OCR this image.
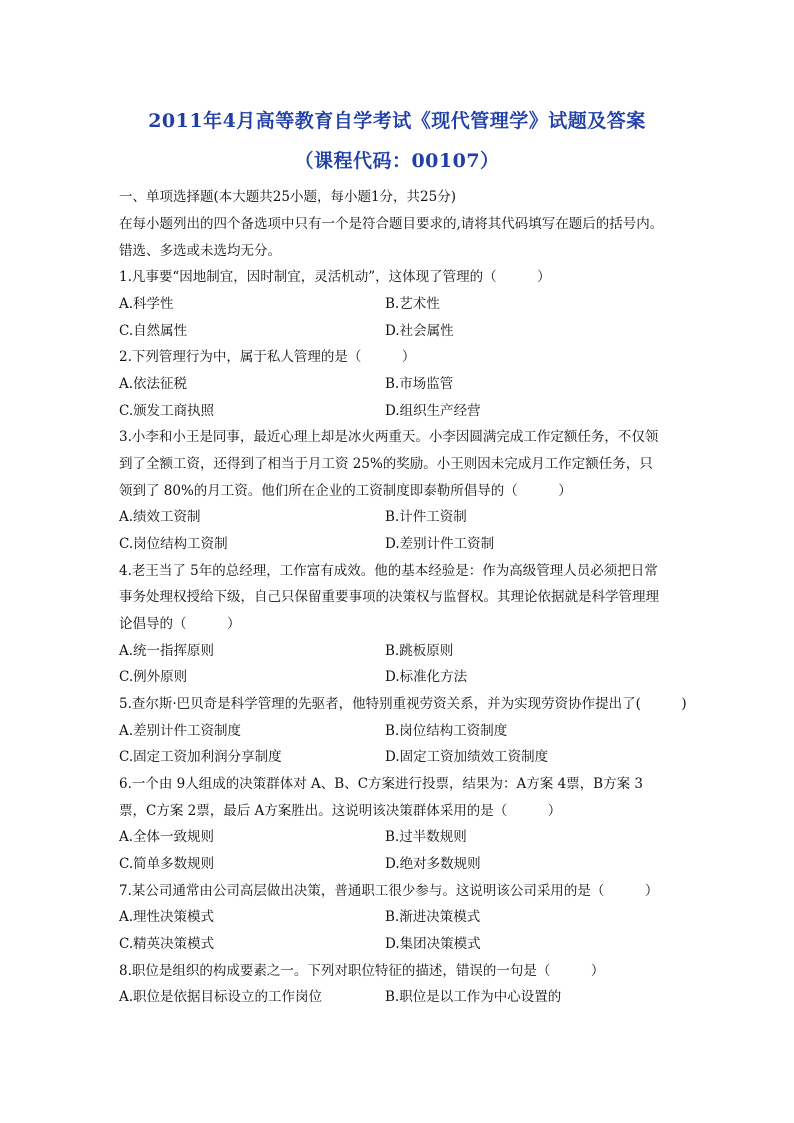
2011年4月高等教育自学考试《现代管理学》试题及答案
（课程代码：00107）
一、单项选择题(本大题共25小题，每小题1分，共25分)
在每小题列出的四个备选项中只有一个是符合题目要求的,请将其代码填写在题后的括号内。
错选、多选或未选均无分。
1.凡事要“因地制宜，因时制宜，灵活机动”，这体现了管理的（　　　）
A.科学性	B.艺术性
C.自然属性	D.社会属性
2.下列管理行为中，属于私人管理的是（　　　）
A.依法征税	B.市场监管
C.颁发工商执照	D.组织生产经营
3.小李和小王是同事，最近心理上却是冰火两重天。小李因圆满完成工作定额任务，不仅领
到了全额工资，还得到了相当于月工资 25%的奖励。小王则因未完成月工作定额任务，只
领到了 80%的月工资。他们所在企业的工资制度即泰勒所倡导的（　　　）
A.绩效工资制	B.计件工资制
C.岗位结构工资制	D.差别计件工资制
4.老王当了 5年的总经理，工作富有成效。他的基本经验是：作为高级管理人员必须把日常
事务处理权授给下级，自己只保留重要事项的决策权与监督权。其理论依据就是科学管理理
论倡导的（　　　）
A.统一指挥原则	B.跳板原则
C.例外原则	D.标准化方法
5.查尔斯·巴贝奇是科学管理的先驱者，他特别重视劳资关系，并为实现劳资协作提出了(　　　)
A.差别计件工资制度	B.岗位结构工资制度
C.固定工资加利润分享制度	D.固定工资加绩效工资制度
6.一个由 9人组成的决策群体对 A、B、C方案进行投票，结果为：A方案 4票，B方案 3
票，C方案 2票，最后 A方案胜出。这说明该决策群体采用的是（　　　）
A.全体一致规则	B.过半数规则
C.简单多数规则	D.绝对多数规则
7.某公司通常由公司高层做出决策，普通职工很少参与。这说明该公司采用的是（　　　）
A.理性决策模式	B.渐进决策模式
C.精英决策模式	D.集团决策模式
8.职位是组织的构成要素之一。下列对职位特征的描述，错误的一句是（　　　）
A.职位是依据目标设立的工作岗位	B.职位是以工作为中心设置的
